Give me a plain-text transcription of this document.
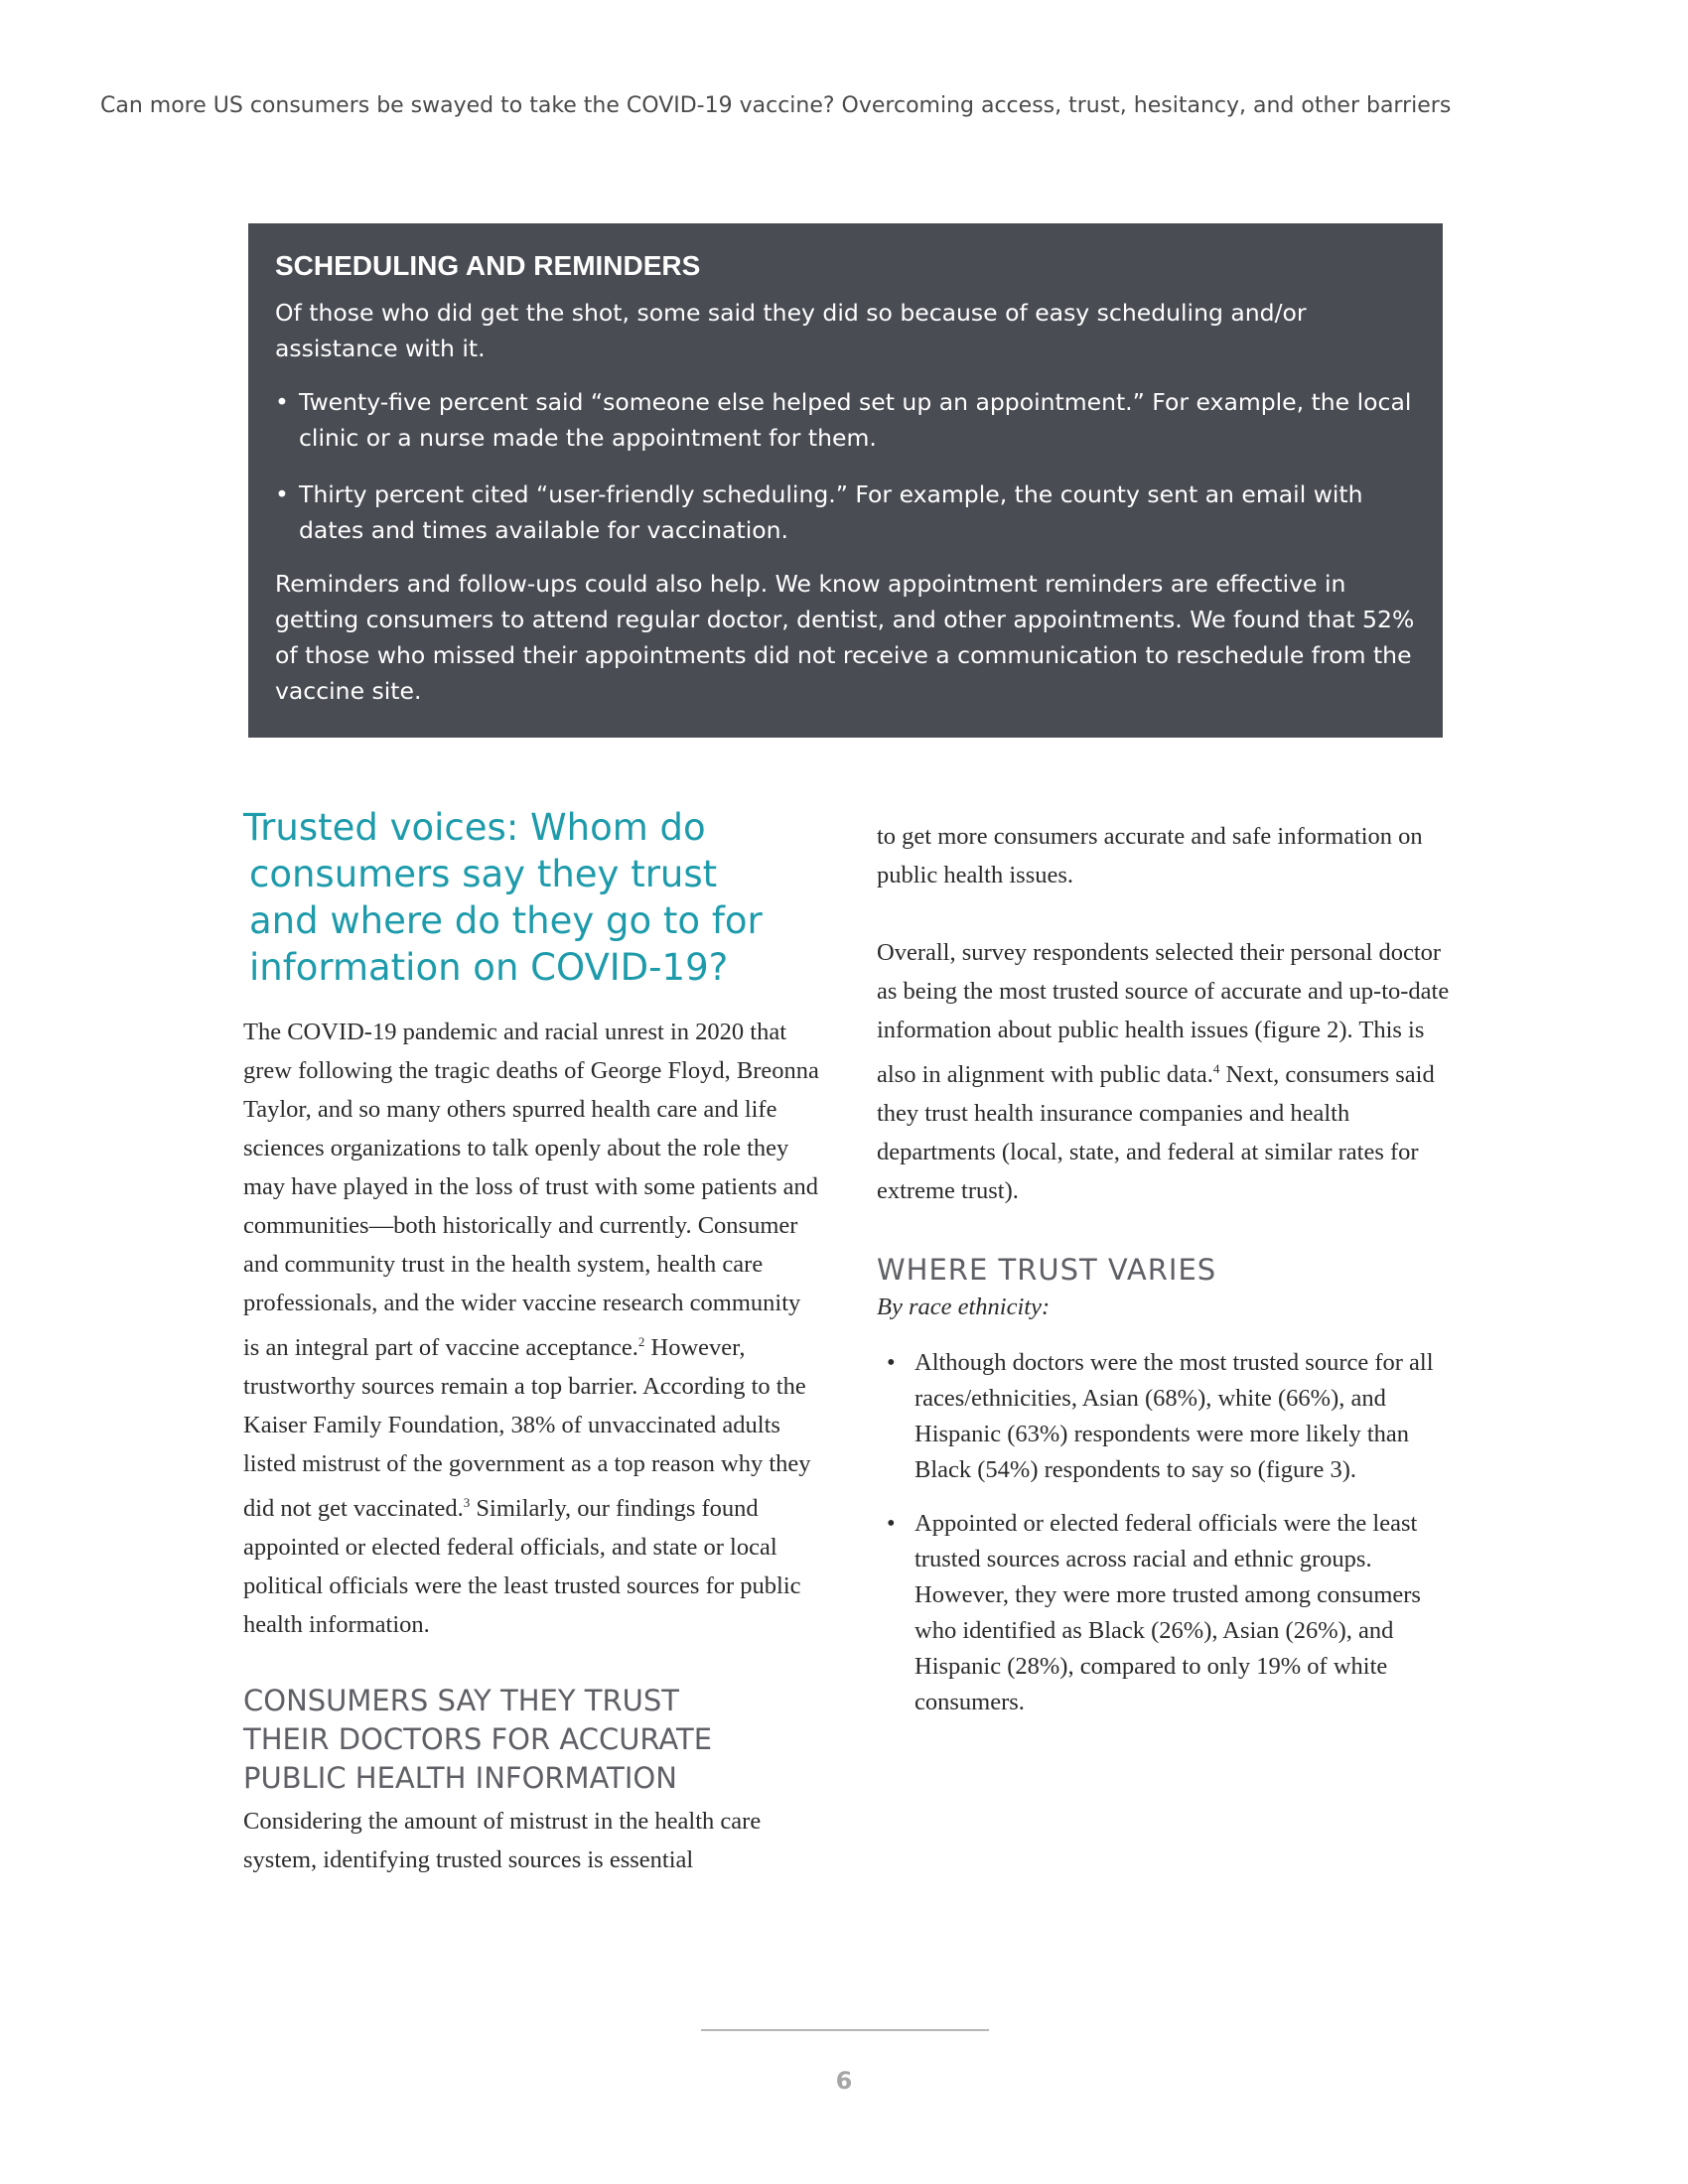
Can more US consumers be swayed to take the COVID-19 vaccine? Overcoming access, trust, hesitancy, and other barriers
SCHEDULING AND REMINDERS

Of those who did get the shot, some said they did so because of easy scheduling and/or assistance with it.

• Twenty-five percent said “someone else helped set up an appointment.” For example, the local clinic or a nurse made the appointment for them.
• Thirty percent cited “user-friendly scheduling.” For example, the county sent an email with dates and times available for vaccination.

Reminders and follow-ups could also help. We know appointment reminders are effective in getting consumers to attend regular doctor, dentist, and other appointments. We found that 52% of those who missed their appointments did not receive a communication to reschedule from the vaccine site.

Trusted voices: Whom do
consumers say they trust
and where do they go to for
information on COVID-19?

The COVID-19 pandemic and racial unrest in 2020 that grew following the tragic deaths of George Floyd, Breonna Taylor, and so many others spurred health care and life sciences organizations to talk openly about the role they may have played in the loss of trust with some patients and communities—both historically and currently. Consumer and community trust in the health system, health care professionals, and the wider vaccine research community is an integral part of vaccine acceptance.$^2$ However, trustworthy sources remain a top barrier. According to the Kaiser Family Foundation, 38% of unvaccinated adults listed mistrust of the government as a top reason why they did not get vaccinated.$^3$ Similarly, our findings found appointed or elected federal officials, and state or local political officials were the least trusted sources for public health information.

CONSUMERS SAY THEY TRUST
THEIR DOCTORS FOR ACCURATE
PUBLIC HEALTH INFORMATION

Considering the amount of mistrust in the health care system, identifying trusted sources is essential

to get more consumers accurate and safe information on public health issues.

Overall, survey respondents selected their personal doctor as being the most trusted source of accurate and up-to-date information about public health issues (figure 2). This is also in alignment with public data.$^4$ Next, consumers said they trust health insurance companies and health departments (local, state, and federal at similar rates for extreme trust).

WHERE TRUST VARIES

By race ethnicity:

• Although doctors were the most trusted source for all races/ethnicities, Asian (68%), white (66%), and Hispanic (63%) respondents were more likely than Black (54%) respondents to say so (figure 3).
• Appointed or elected federal officials were the least trusted sources across racial and ethnic groups. However, they were more trusted among consumers who identified as Black (26%), Asian (26%), and Hispanic (28%), compared to only 19% of white consumers.
6
